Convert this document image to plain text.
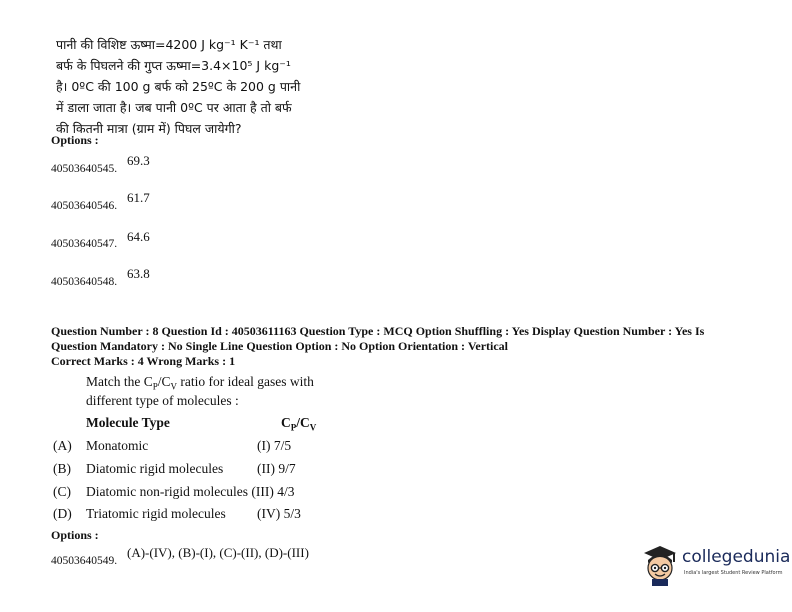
पानी की विशिष्ट ऊष्मा=4200 J kg⁻¹ K⁻¹ तथा
बर्फ के पिघलने की गुप्त ऊष्मा=3.4×10⁵ J kg⁻¹
है। 0ºC की 100 g बर्फ को 25ºC के 200 g पानी
में डाला जाता है। जब पानी 0ºC पर आता है तो बर्फ
की कितनी मात्रा (ग्राम में) पिघल जायेगी?
Options :
40503640545.
69.3
40503640546.
61.7
40503640547. 64.6
40503640548.
63.8
Question Number : 8 Question Id : 40503611163 Question Type : MCQ Option Shuffling : Yes Display Question Number : Yes Is
Question Mandatory : No Single Line Question Option : No Option Orientation : Vertical
Correct Marks : 4 Wrong Marks : 1
Match the $C_P/C_V$ ratio for ideal gases with
different type of molecules :
Molecule Type	$C_P/C_V$
(A) Monatomic	(I) 7/5
(B) Diatomic rigid molecules	(II) 9/7
(C) Diatomic non-rigid molecules (III) 4/3
(D) Triatomic rigid molecules (IV) 5/3
Options :
40503640549.
(A)-(IV), (B)-(I), (C)-(II), (D)-(III)	collegedunia
India's largest Student Review Platform
